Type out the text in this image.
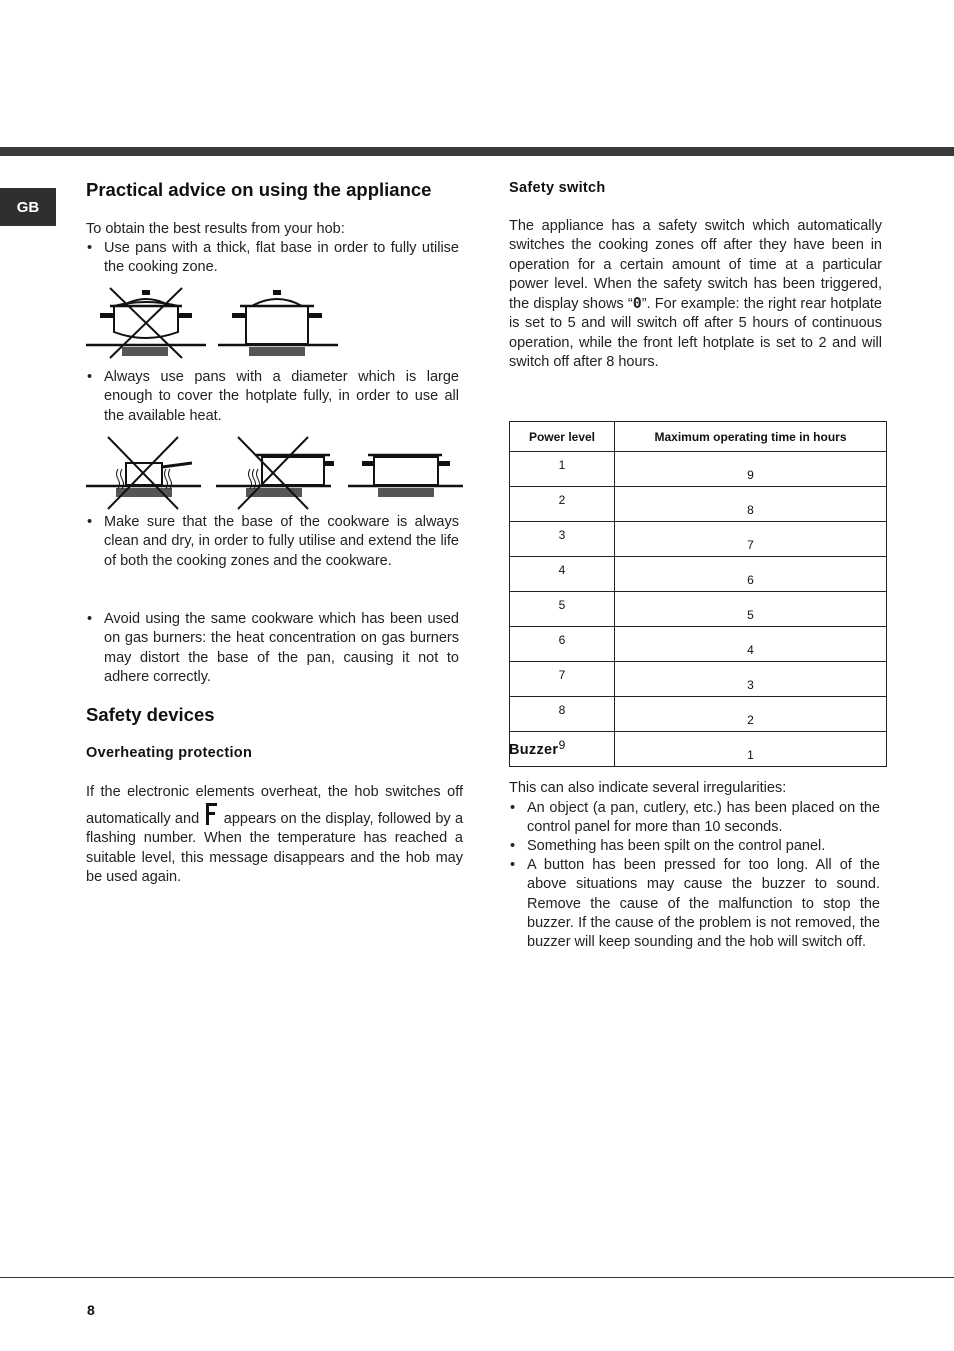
GB
Practical advice on using the appliance
To obtain the best results from your hob:
• Use pans with a thick, flat base in order to fully utilise the cooking zone.
• Always use pans with a diameter which is large enough to cover the hotplate fully, in order to use all the available heat.
• Make sure that the base of the cookware is always clean and dry, in order to fully utilise and extend the life of both the cooking zones and the cookware.
• Avoid using the same cookware which has been used on gas burners: the heat concentration on gas burners may distort the base of the pan, causing it not to adhere correctly.
Safety devices
Overheating protection
If the electronic elements overheat, the hob switches off automatically and appears on the display, followed by a flashing number. When the temperature has reached a suitable level, this message disappears and the hob may be used again.
Safety switch
The appliance has a safety switch which automatically switches the cooking zones off after they have been in operation for a certain amount of time at a particular power level. When the safety switch has been triggered, the display shows “0”. For example: the right rear hotplate is set to 5 and will switch off after 5 hours of continuous operation, while the front left hotplate is set to 2 and will switch off after 8 hours.
Power level	Maximum operating time in hours
1	9
2	8
3	7
4	6
5	5
6	4
7	3
8	2
9	1
Buzzer
This can also indicate several irregularities:
• An object (a pan, cutlery, etc.) has been placed on the control panel for more than 10 seconds.
• Something has been spilt on the control panel.
• A button has been pressed for too long. All of the above situations may cause the buzzer to sound. Remove the cause of the malfunction to stop the buzzer. If the cause of the problem is not removed, the buzzer will keep sounding and the hob will switch off.
8
